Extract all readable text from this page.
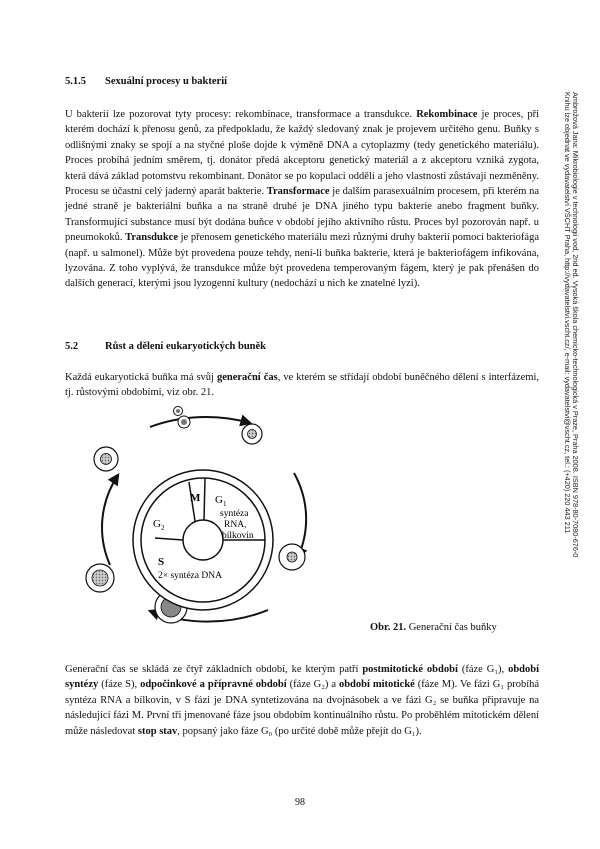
Ambrožová Jana: Mikrobiologie v technologii vod, 2nd ed. Vysoká škola chemicko-technologická v Praze, Praha 2008. ISBN 978-80-7080-676-0
Knihu lze objednat ve vydavatelství VŠCHT Praha, http://vydavatelstvi.vscht.cz/, e-mail: vydavatelstvi@vscht.cz, tel.: (+420) 220 443 211
5.1.5 Sexuální procesy u bakterií

U bakterií lze pozorovat tyty procesy: rekombinace, transformace a transdukce. Rekombinace je proces, při kterém dochází k přenosu genů, za předpokladu, že každý sledovaný znak je projevem určitého genu. Buňky s odlišnými znaky se spojí a na styčné ploše dojde k výměně DNA a cytoplazmy (tedy genetického materiálu). Proces probíhá jedním směrem, tj. donátor předá akceptoru genetický materiál a z akceptoru vzniká zygota, která dává základ potomstvu rekombinant. Donátor se po kopulaci oddělí a jeho vlastnosti zůstávají nezměněny. Procesu se účastní celý jaderný aparát bakterie. Transformace je dalším parasexuálním procesem, při kterém na jedné straně je bakteriální buňka a na straně druhé je DNA jiného typu bakterie anebo fragment buňky. Transformující substance musí být dodána buňce v období jejího aktivního růstu. Proces byl pozorován např. u pneumokoků. Transdukce je přenosem genetického materiálu mezi různými druhy bakterií pomocí bakteriofága (např. u salmonel). Může být provedena pouze tehdy, není-li buňka bakterie, která je bakteriofágem infikována, lyzována. Z toho vyplývá, že transdukce může být provedena temperovaným fágem, který je pak přenášen do dalších generací, kterými jsou lyzogenní kultury (nedochází u nich ke znatelné lyzi).

5.2	Růst a dělení eukaryotických buněk

Každá eukaryotická buňka má svůj generační čas, ve kterém se střídají období buněčného dělení s interfázemi, tj. růstovými obdobími, viz obr. 21.

M $G_1$
syntéza
RNA,
bílkovin
$G_2$
S
2× syntéza DNA
Obr. 21. Generační čas buňky

Generační čas se skládá ze čtyř základních období, ke kterým patří postmitotické období (fáze G₁), období syntézy (fáze S), odpočinkové a přípravné období (fáze G₂) a období mitotické (fáze M). Ve fázi G₁ probíhá syntéza RNA a bílkovin, v S fázi je DNA syntetizována na dvojnásobek a ve fázi G₂ se buňka připravuje na následující fázi M. První tři jmenované fáze jsou obdobím kontinuálního růstu. Po proběhlém mitotickém dělení může následovat stop stav, popsaný jako fáze G₀ (po určité době může přejít do G₁).

98
